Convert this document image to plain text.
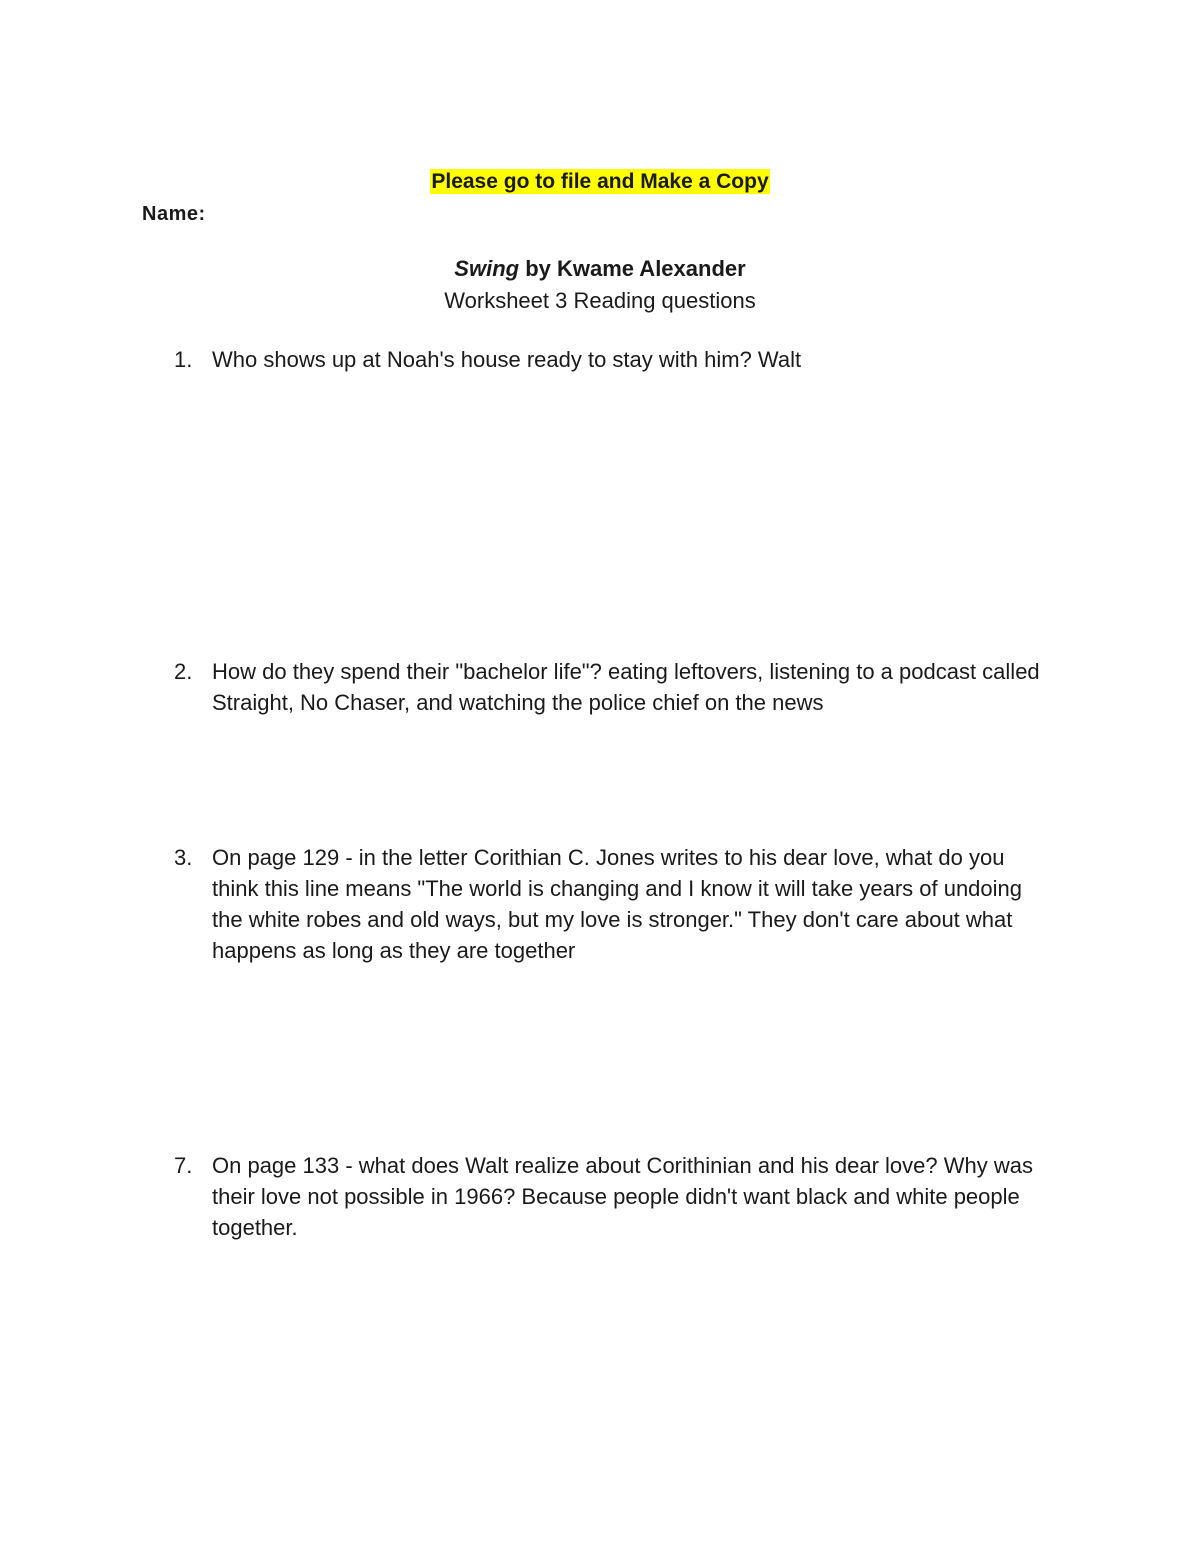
Please go to file and Make a Copy
Name:
Swing by Kwame Alexander
Worksheet 3 Reading questions
1. Who shows up at Noah's house ready to stay with him? Walt
2. How do they spend their "bachelor life"? eating leftovers, listening to a podcast called Straight, No Chaser, and watching the police chief on the news
3. On page 129 - in the letter Corithian C. Jones writes to his dear love, what do you think this line means "The world is changing and I know it will take years of undoing the white robes and old ways, but my love is stronger." They don't care about what happens as long as they are together
7. On page 133 - what does Walt realize about Corithinian and his dear love? Why was their love not possible in 1966? Because people didn't want black and white people together.
